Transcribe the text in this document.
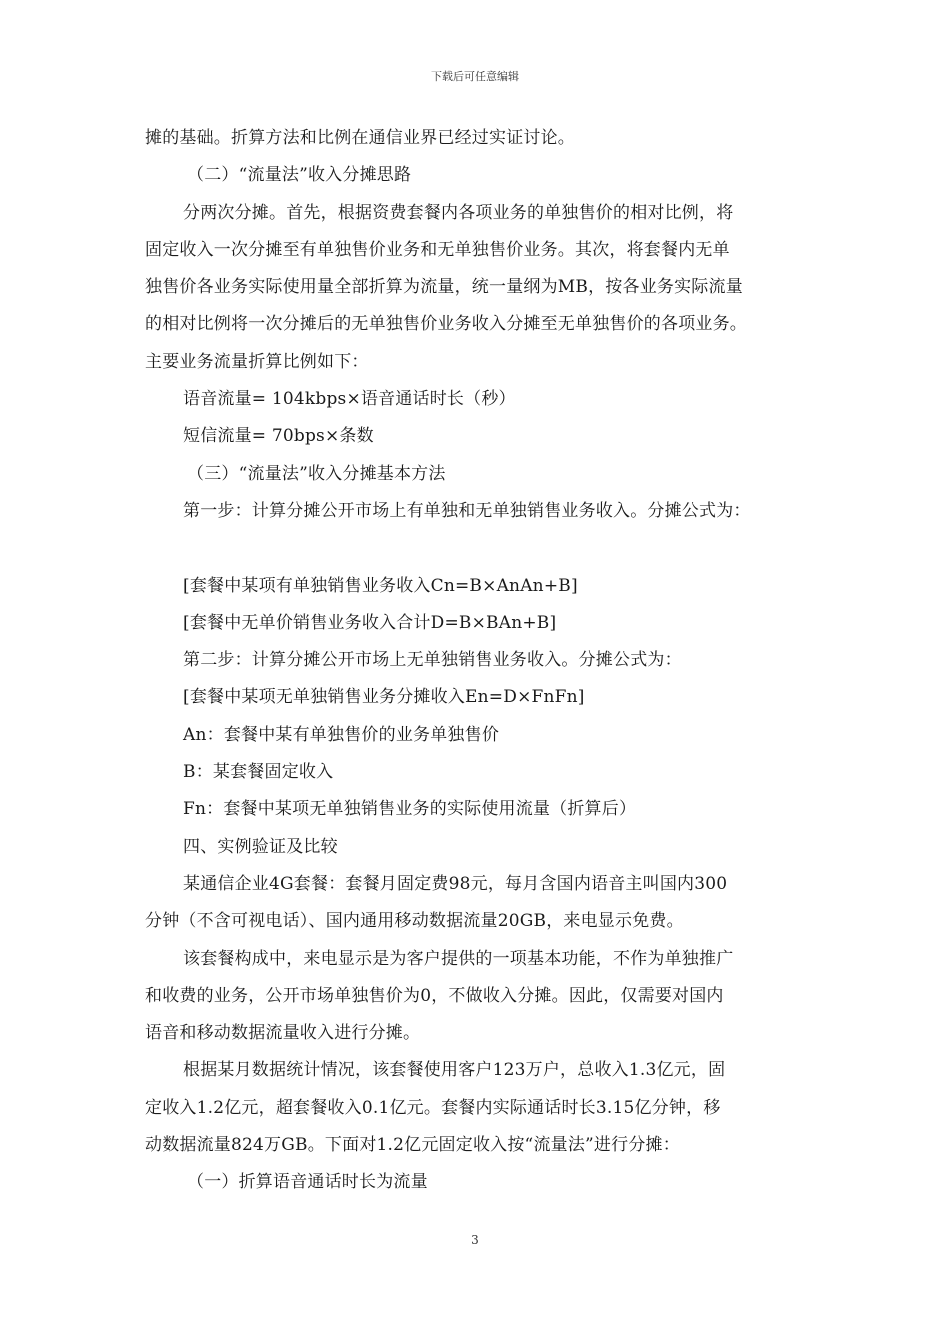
下载后可任意编辑
摊的基础。折算方法和比例在通信业界已经过实证讨论。
（二）“流量法”收入分摊思路
分两次分摊。首先，根据资费套餐内各项业务的单独售价的相对比例，将
固定收入一次分摊至有单独售价业务和无单独售价业务。其次，将套餐内无单
独售价各业务实际使用量全部折算为流量，统一量纲为MB，按各业务实际流量
的相对比例将一次分摊后的无单独售价业务收入分摊至无单独售价的各项业务。
主要业务流量折算比例如下：
语音流量= 104kbps×语音通话时长（秒）
短信流量= 70bps×条数
（三）“流量法”收入分摊基本方法
第一步：计算分摊公开市场上有单独和无单独销售业务收入。分摊公式为：
[套餐中某项有单独销售业务收入Cn=B×AnAn+B]
[套餐中无单价销售业务收入合计D=B×BAn+B]
第二步：计算分摊公开市场上无单独销售业务收入。分摊公式为：
[套餐中某项无单独销售业务分摊收入En=D×FnFn]
An：套餐中某有单独售价的业务单独售价
B：某套餐固定收入
Fn：套餐中某项无单独销售业务的实际使用流量（折算后）
四、实例验证及比较
某通信企业4G套餐：套餐月固定费98元，每月含国内语音主叫国内300
分钟（不含可视电话）、国内通用移动数据流量20GB，来电显示免费。
该套餐构成中，来电显示是为客户提供的一项基本功能，不作为单独推广
和收费的业务，公开市场单独售价为0，不做收入分摊。因此，仅需要对国内
语音和移动数据流量收入进行分摊。
根据某月数据统计情况，该套餐使用客户123万户，总收入1.3亿元，固
定收入1.2亿元，超套餐收入0.1亿元。套餐内实际通话时长3.15亿分钟，移
动数据流量824万GB。下面对1.2亿元固定收入按“流量法”进行分摊：
（一）折算语音通话时长为流量
3
